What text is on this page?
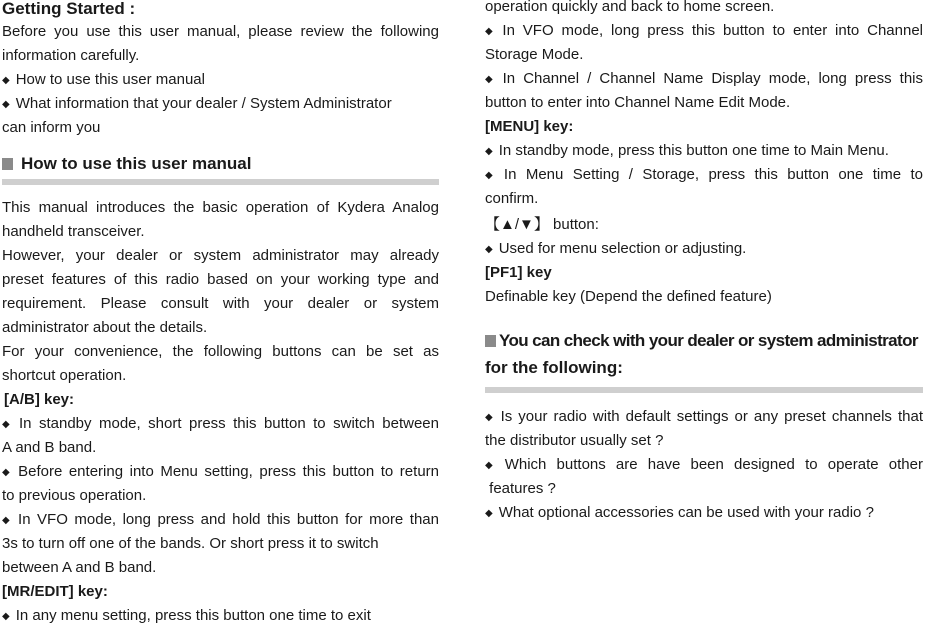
Getting Started :
Before you use this user manual, please review the following
information carefully.
◆ How to use this user manual
◆ What information that your dealer / System Administrator
can inform you
How to use this user manual
This manual introduces the basic operation of Kydera Analog
handheld transceiver.
However, your dealer or system administrator may already
preset features of this radio based on your working type and
requirement. Please consult with your dealer or system
administrator about the details.
For your convenience, the following buttons can be set as
shortcut operation.
[A/B] key:
◆ In standby mode, short press this button to switch between
A and B band.
◆ Before entering into Menu setting, press this button to return
to previous operation.
◆ In VFO mode, long press and hold this button for more than
3s to turn off one of the bands. Or short press it to switch
between A and B band.
[MR/EDIT] key:
◆ In any menu setting, press this button one time to exit
operation quickly and back to home screen.
◆ In VFO mode, long press this button to enter into Channel
Storage Mode.
◆ In Channel / Channel Name Display mode, long press this
button to enter into Channel Name Edit Mode.
[MENU] key:
◆ In standby mode, press this button one time to Main Menu.
◆ In Menu Setting / Storage, press this button one time to
confirm.
【▲/▼】 button:
◆ Used for menu selection or adjusting.
[PF1] key
Definable key (Depend the defined feature)
You can check with your dealer or system administrator
for the following:
◆ Is your radio with default settings or any preset channels that
the distributor usually set ?
◆ Which buttons are have been designed to operate other
features ?
◆ What optional accessories can be used with your radio ?
